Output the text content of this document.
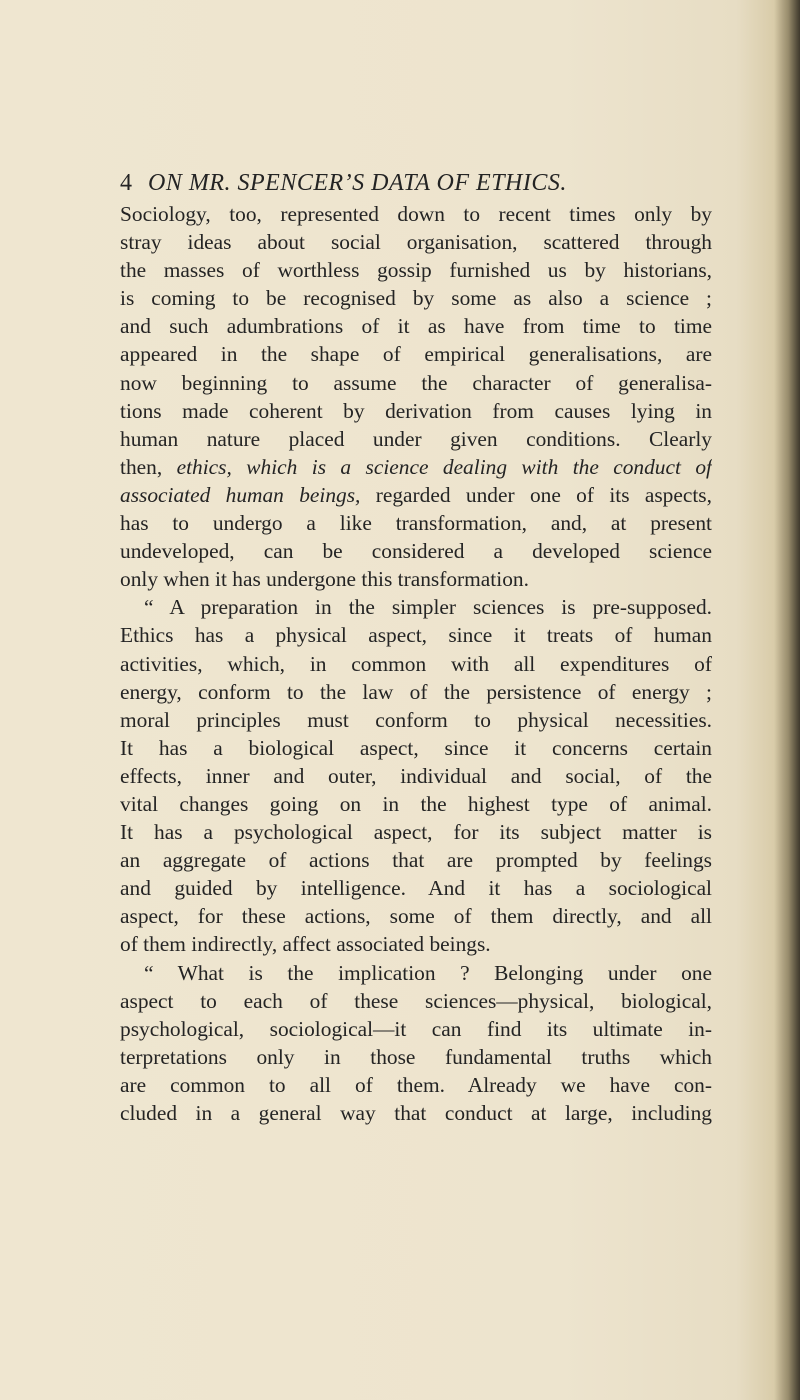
4 ON MR. SPENCER’S DATA OF ETHICS.
Sociology, too, represented down to recent times only by
stray ideas about social organisation, scattered through
the masses of worthless gossip furnished us by historians,
is coming to be recognised by some as also a science ;
and such adumbrations of it as have from time to time
appeared in the shape of empirical generalisations, are
now beginning to assume the character of generalisa-
tions made coherent by derivation from causes lying in
human nature placed under given conditions. Clearly
then, ethics, which is a science dealing with the conduct of
associated human beings, regarded under one of its aspects,
has to undergo a like transformation, and, at present
undeveloped, can be considered a developed science
only when it has undergone this transformation.
“ A preparation in the simpler sciences is pre-supposed.
Ethics has a physical aspect, since it treats of human
activities, which, in common with all expenditures of
energy, conform to the law of the persistence of energy ;
moral principles must conform to physical necessities.
It has a biological aspect, since it concerns certain
effects, inner and outer, individual and social, of the
vital changes going on in the highest type of animal.
It has a psychological aspect, for its subject matter is
an aggregate of actions that are prompted by feelings
and guided by intelligence. And it has a sociological
aspect, for these actions, some of them directly, and all
of them indirectly, affect associated beings.
“ What is the implication ? Belonging under one
aspect to each of these sciences—physical, biological,
psychological, sociological—it can find its ultimate in-
terpretations only in those fundamental truths which
are common to all of them. Already we have con-
cluded in a general way that conduct at large, including
